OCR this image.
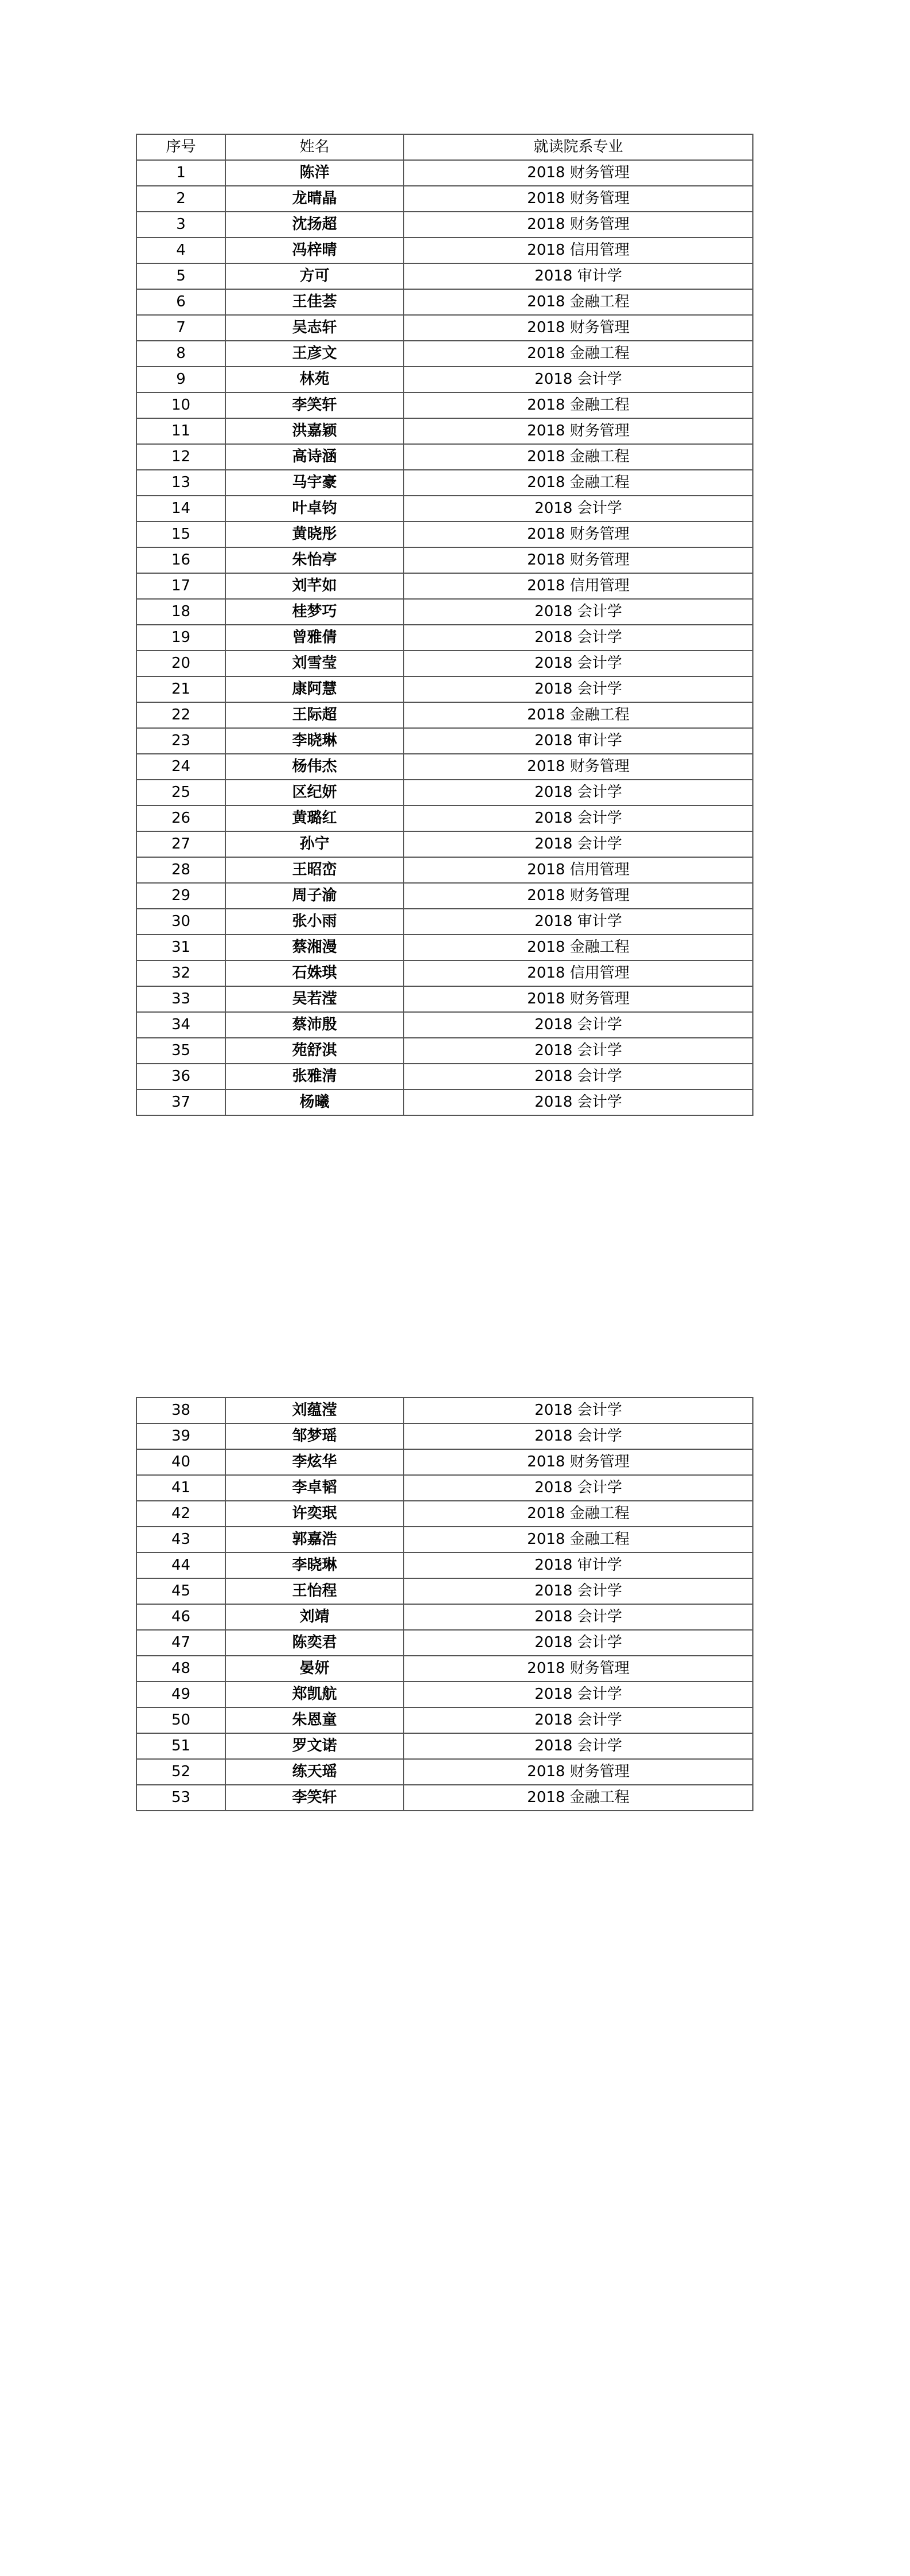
序号	姓名	就读院系专业
1	陈洋	2018 财务管理
2	龙晴晶	2018 财务管理
3	沈扬超	2018 财务管理
4	冯梓晴	2018 信用管理
5	方可	2018 审计学
6	王佳荟	2018 金融工程
7	吴志轩	2018 财务管理
8	王彦文	2018 金融工程
9	林苑	2018 会计学
10	李笑轩	2018 金融工程
11	洪嘉颖	2018 财务管理
12	高诗涵	2018 金融工程
13	马宇豪	2018 金融工程
14	叶卓钧	2018 会计学
15	黄晓彤	2018 财务管理
16	朱怡亭	2018 财务管理
17	刘芊如	2018 信用管理
18	桂梦巧	2018 会计学
19	曾雅倩	2018 会计学
20	刘雪莹	2018 会计学
21	康阿慧	2018 会计学
22	王际超	2018 金融工程
23	李晓琳	2018 审计学
24	杨伟杰	2018 财务管理
25	区纪妍	2018 会计学
26	黄璐红	2018 会计学
27	孙宁	2018 会计学
28	王昭峦	2018 信用管理
29	周子渝	2018 财务管理
30	张小雨	2018 审计学
31	蔡湘漫	2018 金融工程
32	石姝琪	2018 信用管理
33	吴若滢	2018 财务管理
34	蔡沛殷	2018 会计学
35	苑舒淇	2018 会计学
36	张雅清	2018 会计学
37	杨曦	2018 会计学
38	刘蕴滢	2018 会计学
39	邹梦瑶	2018 会计学
40	李炫华	2018 财务管理
41	李卓韬	2018 会计学
42	许奕珉	2018 金融工程
43	郭嘉浩	2018 金融工程
44	李晓琳	2018 审计学
45	王怡程	2018 会计学
46	刘靖	2018 会计学
47	陈奕君	2018 会计学
48	晏妍	2018 财务管理
49	郑凯航	2018 会计学
50	朱恩童	2018 会计学
51	罗文诺	2018 会计学
52	练天瑶	2018 财务管理
53	李笑轩	2018 金融工程
